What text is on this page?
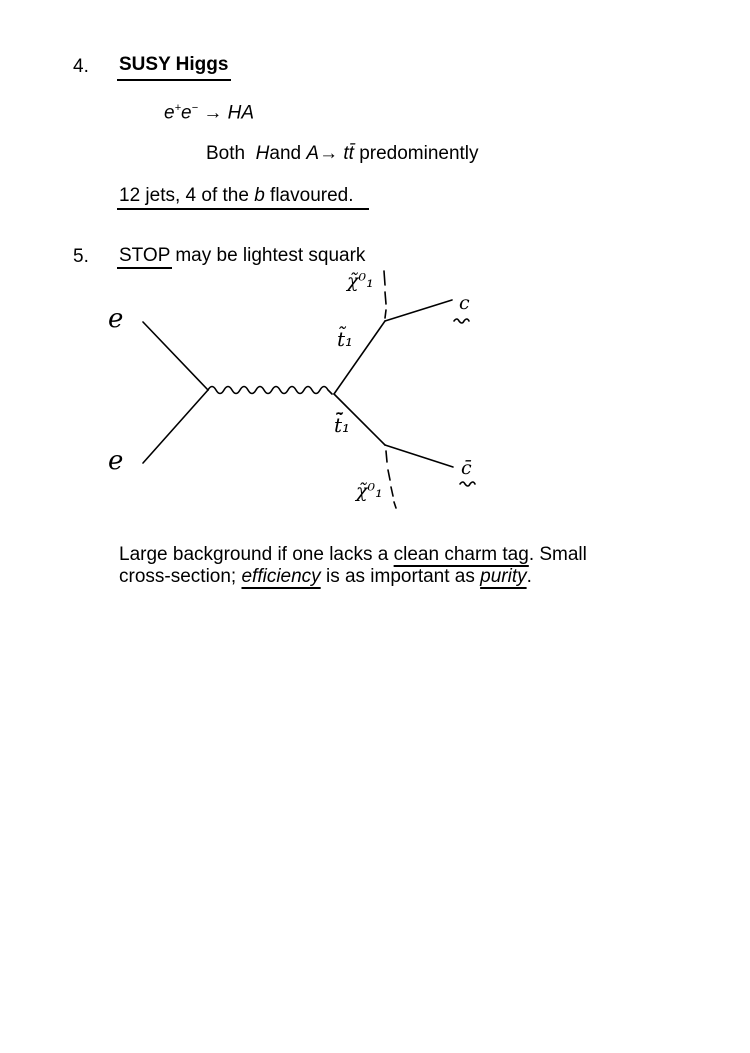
4. SUSY Higgs
e+e− → HA
Both Hand A→ tt̄ predominently
12 jets, 4 of the b flavoured.
5. STOP may be lightest squark
e
e
t̃₁
t̃̄₁
χ̃⁰₁
χ̃⁰₁
c
c̄
Large background if one lacks a clean charm tag. Small
cross-section; efficiency is as important as purity.
